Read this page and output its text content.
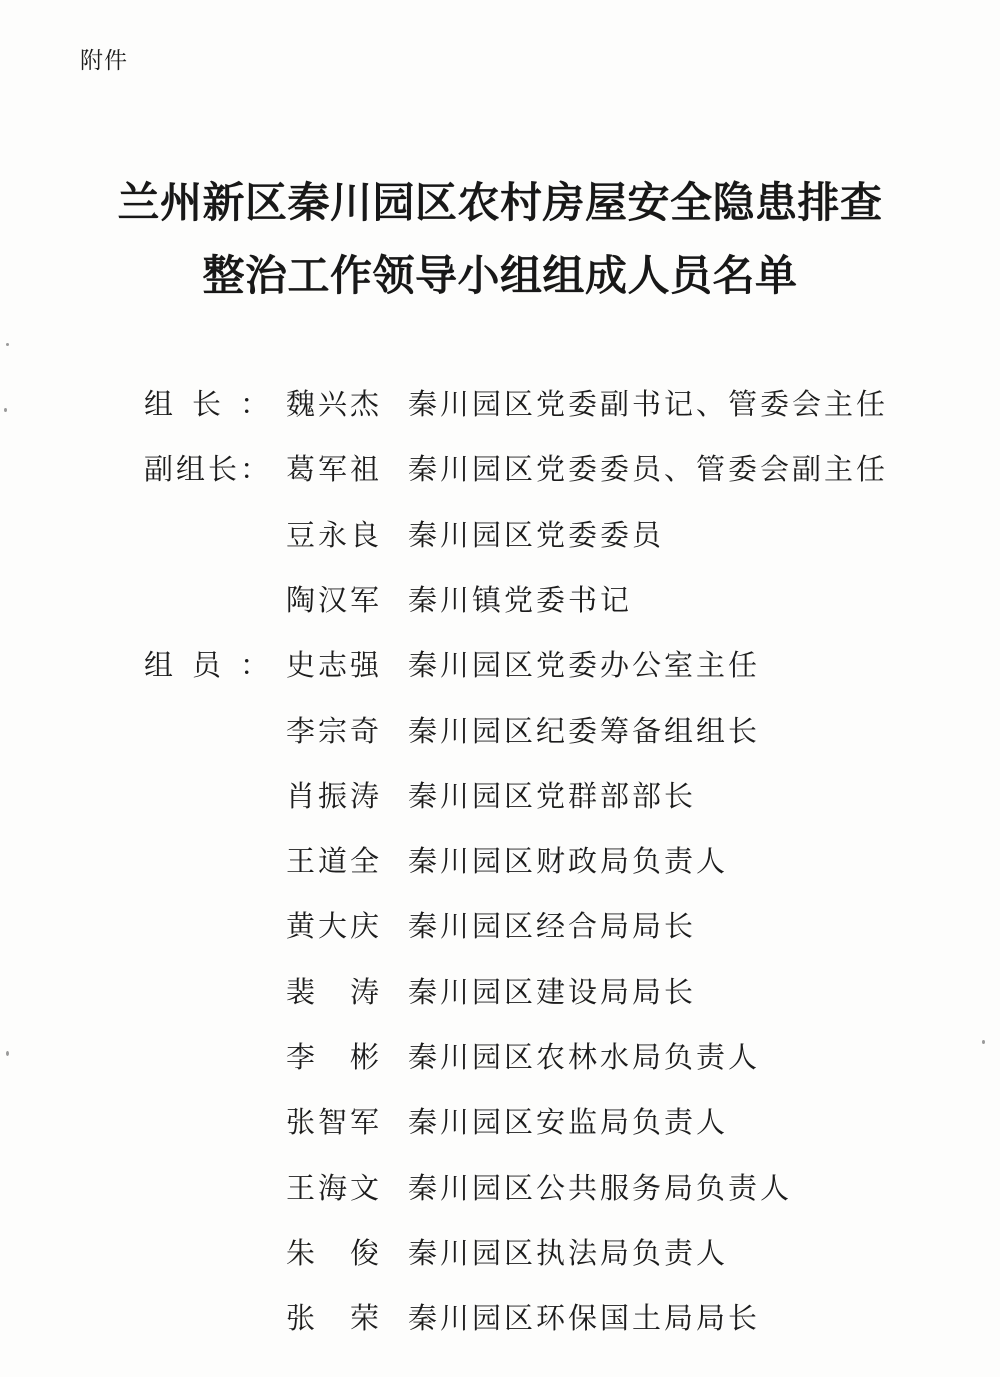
附件
兰州新区秦川园区农村房屋安全隐患排查
整治工作领导小组组成人员名单
组 长 ： 魏 兴 杰 秦川园区党委副书记、管委会主任
副 组 长 ： 葛 军 祖 秦川园区党委委员、管委会副主任
豆 永 良 秦川园区党委委员
陶 汉 军 秦川镇党委书记
组 员 ： 史 志 强 秦川园区党委办公室主任
李 宗 奇 秦川园区纪委筹备组组长
肖 振 涛 秦川园区党群部部长
王 道 全 秦川园区财政局负责人
黄 大 庆 秦川园区经合局局长
裴 涛 秦川园区建设局局长
李 彬 秦川园区农林水局负责人
张 智 军 秦川园区安监局负责人
王 海 文 秦川园区公共服务局负责人
朱 俊 秦川园区执法局负责人
张 荣 秦川园区环保国土局局长
